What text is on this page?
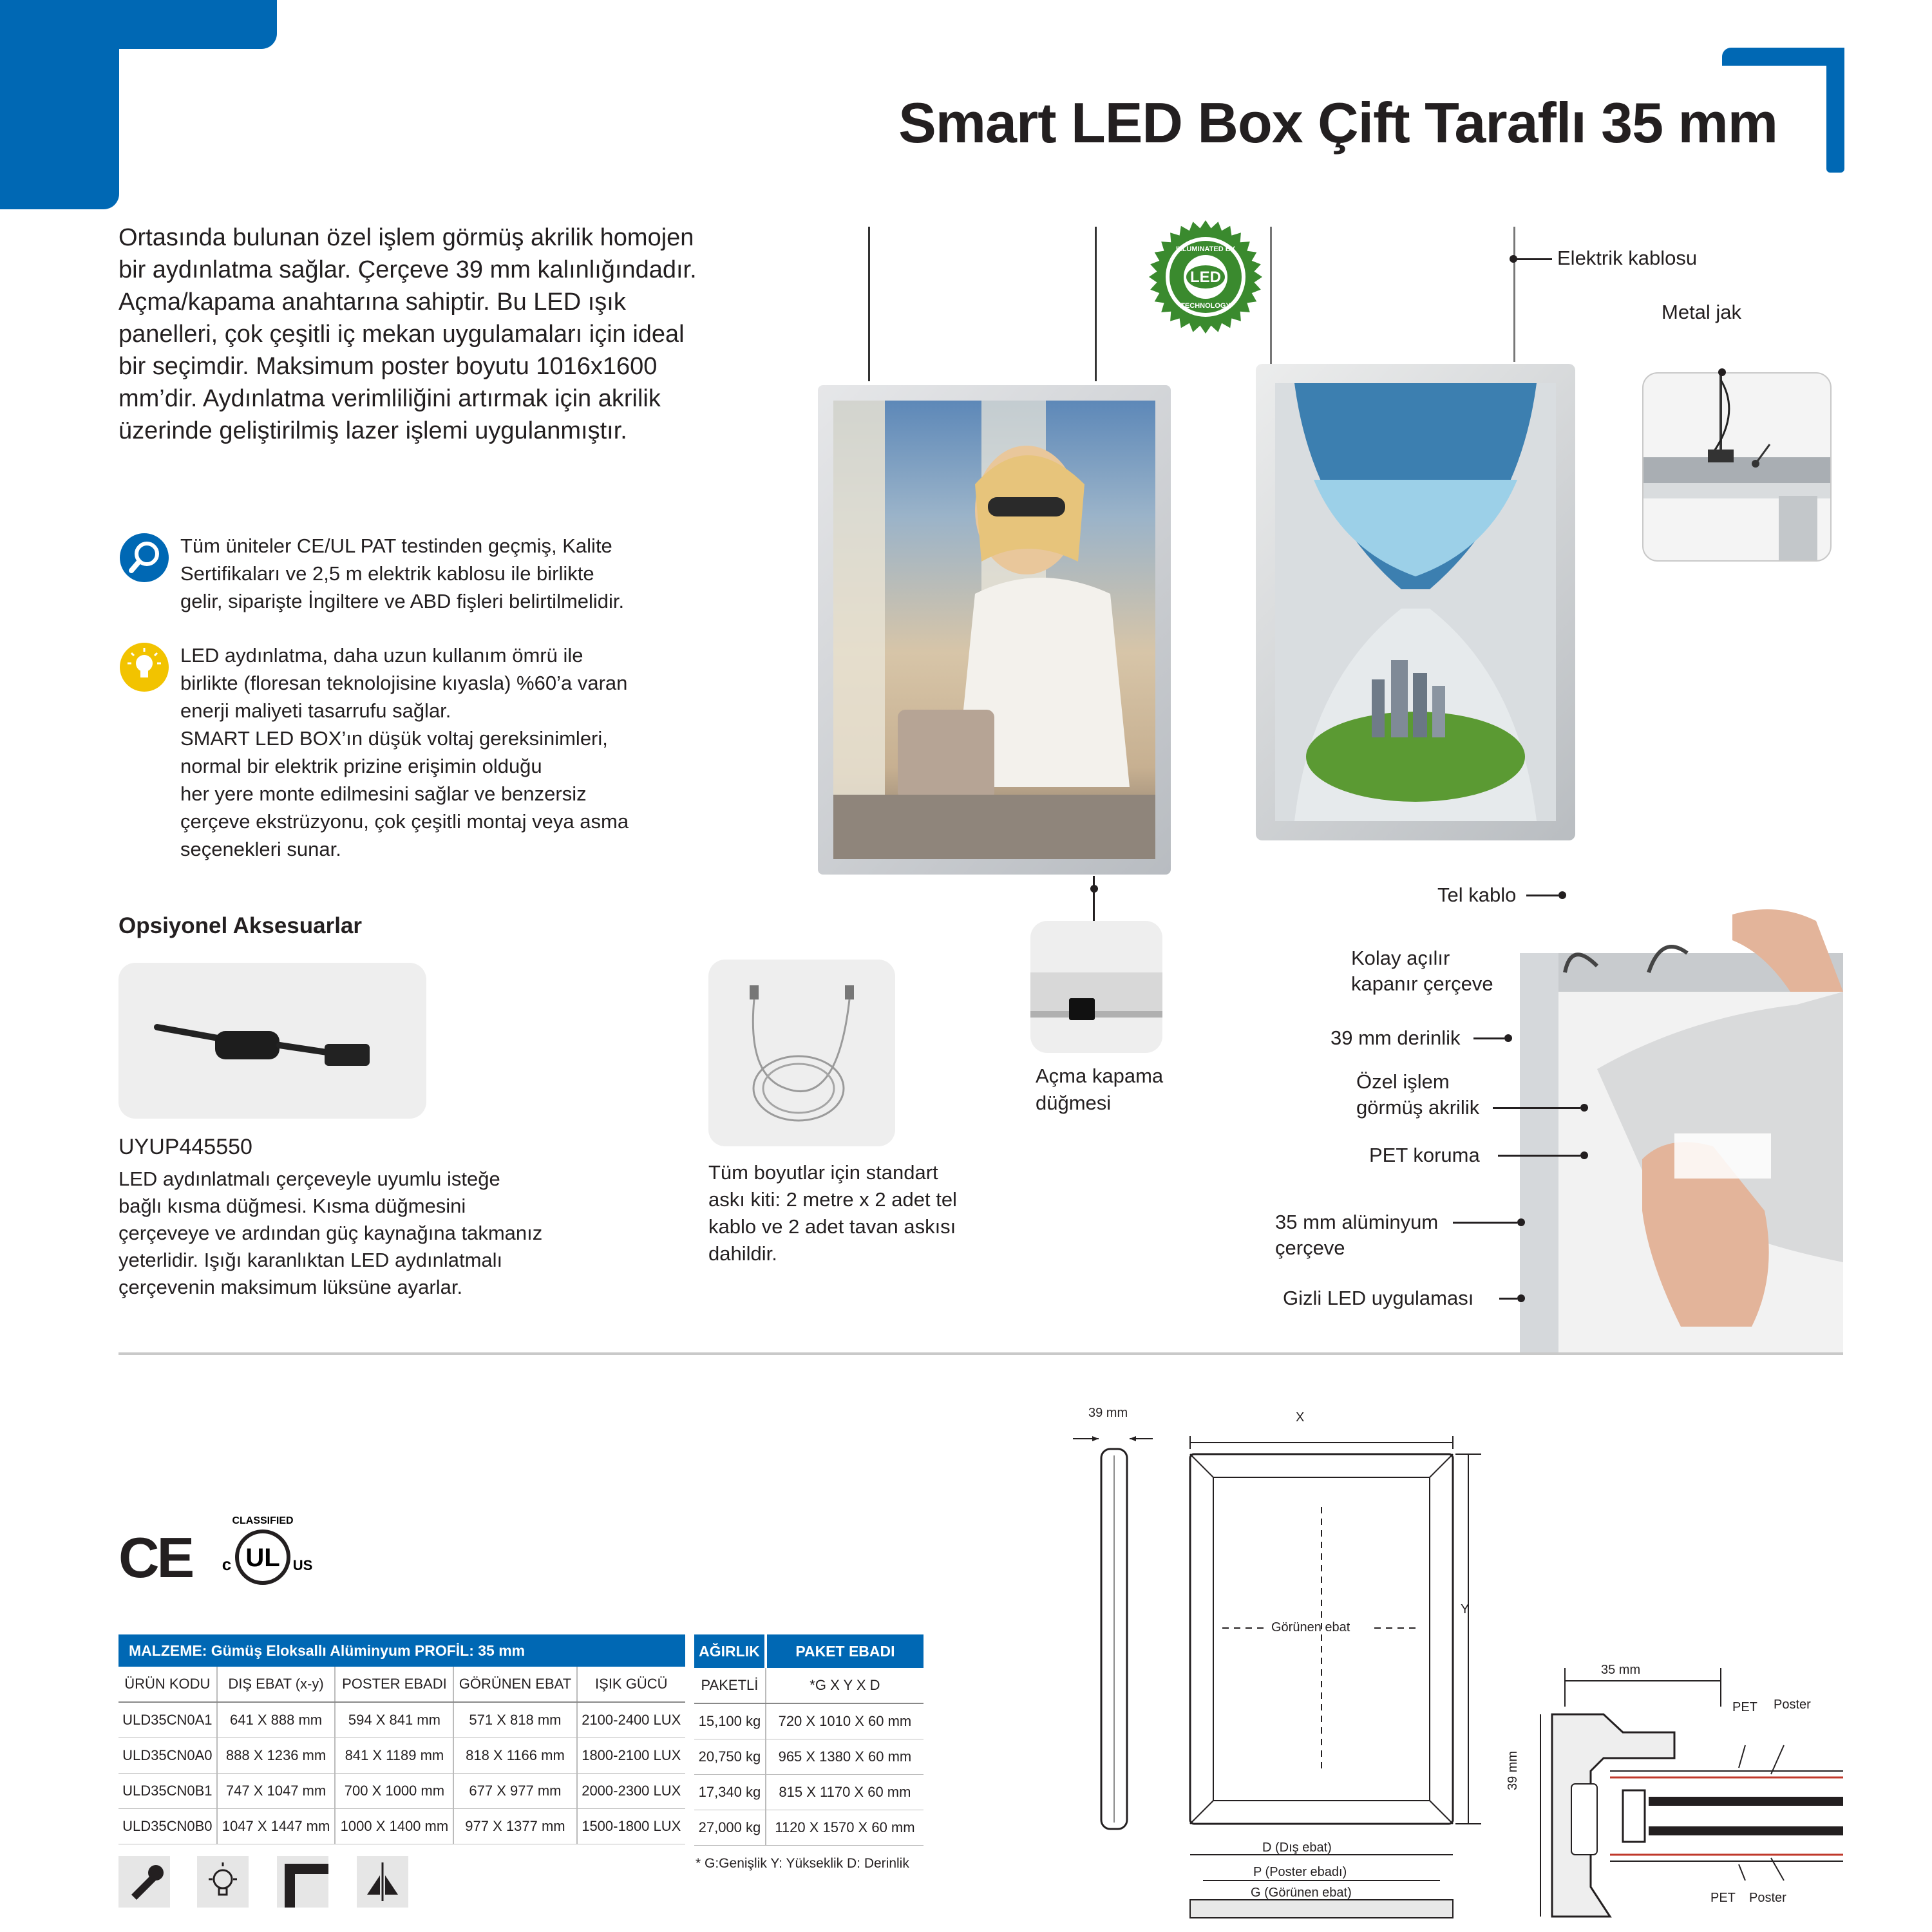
Smart LED Box Çift Taraflı 35 mm
Ortasında bulunan özel işlem görmüş akrilik homojen
bir aydınlatma sağlar. Çerçeve 39 mm kalınlığındadır.
Açma/kapama anahtarına sahiptir. Bu LED ışık
panelleri, çok çeşitli iç mekan uygulamaları için ideal
bir seçimdir. Maksimum poster boyutu 1016x1600
mm’dir. Aydınlatma verimliliğini artırmak için akrilik
üzerinde geliştirilmiş lazer işlemi uygulanmıştır.
Tüm üniteler CE/UL PAT testinden geçmiş, Kalite
Sertifikaları ve 2,5 m elektrik kablosu ile birlikte
gelir, siparişte İngiltere ve ABD fişleri belirtilmelidir.
LED aydınlatma, daha uzun kullanım ömrü ile
birlikte (floresan teknolojisine kıyasla) %60’a varan
enerji maliyeti tasarrufu sağlar.
SMART LED BOX’ın düşük voltaj gereksinimleri,
normal bir elektrik prizine erişimin olduğu
her yere monte edilmesini sağlar ve benzersiz
çerçeve ekstrüzyonu, çok çeşitli montaj veya asma
seçenekleri sunar.
LED
ILLUMINATED BY
TECHNOLOGY
Elektrik kablosu
Metal jak
Açma kapama
düğmesi
Tel kablo
Kolay açılır
kapanır çerçeve
39 mm derinlik
Özel işlem
görmüş akrilik
PET koruma
35 mm alüminyum
çerçeve
Gizli LED uygulaması
Opsiyonel Aksesuarlar
UYUP445550
LED aydınlatmalı çerçeveyle uyumlu isteğe
bağlı kısma düğmesi. Kısma düğmesini
çerçeveye ve ardından güç kaynağına takmanız
yeterlidir. Işığı karanlıktan LED aydınlatmalı
çerçevenin maksimum lüksüne ayarlar.
Tüm boyutlar için standart
askı kiti: 2 metre x 2 adet tel
kablo ve 2 adet tavan askısı
dahildir.
CE
CLASSIFIED
UL
c	US
MALZEME: Gümüş Eloksallı Alüminyum PROFİL: 35 mm				
ÜRÜN KODU	DIŞ EBAT (x-y)	POSTER EBADI	GÖRÜNEN EBAT	IŞIK GÜCÜ
ULD35CN0A1	641 X 888 mm	594 X 841 mm	571 X 818 mm	2100-2400 LUX
ULD35CN0A0	888 X 1236 mm	841 X 1189 mm	818 X 1166 mm	1800-2100 LUX
ULD35CN0B1	747 X 1047 mm	700 X 1000 mm	677 X 977 mm	2000-2300 LUX
ULD35CN0B0	1047 X 1447 mm	1000 X 1400 mm	977 X 1377 mm	1500-1800 LUX
AĞIRLIK	PAKET EBADI
PAKETLİ	*G X Y X D
15,100 kg	720 X 1010 X 60 mm
20,750 kg	965 X 1380 X 60 mm
17,340 kg	815 X 1170 X 60 mm
27,000 kg	1120 X 1570 X 60 mm
* G:Genişlik Y: Yükseklik D: Derinlik
39 mm	X
Y
Görünen ebat
D (Dış ebat)
P (Poster ebadı)
G (Görünen ebat)
35 mm
39 mm
PET Poster
PET Poster
